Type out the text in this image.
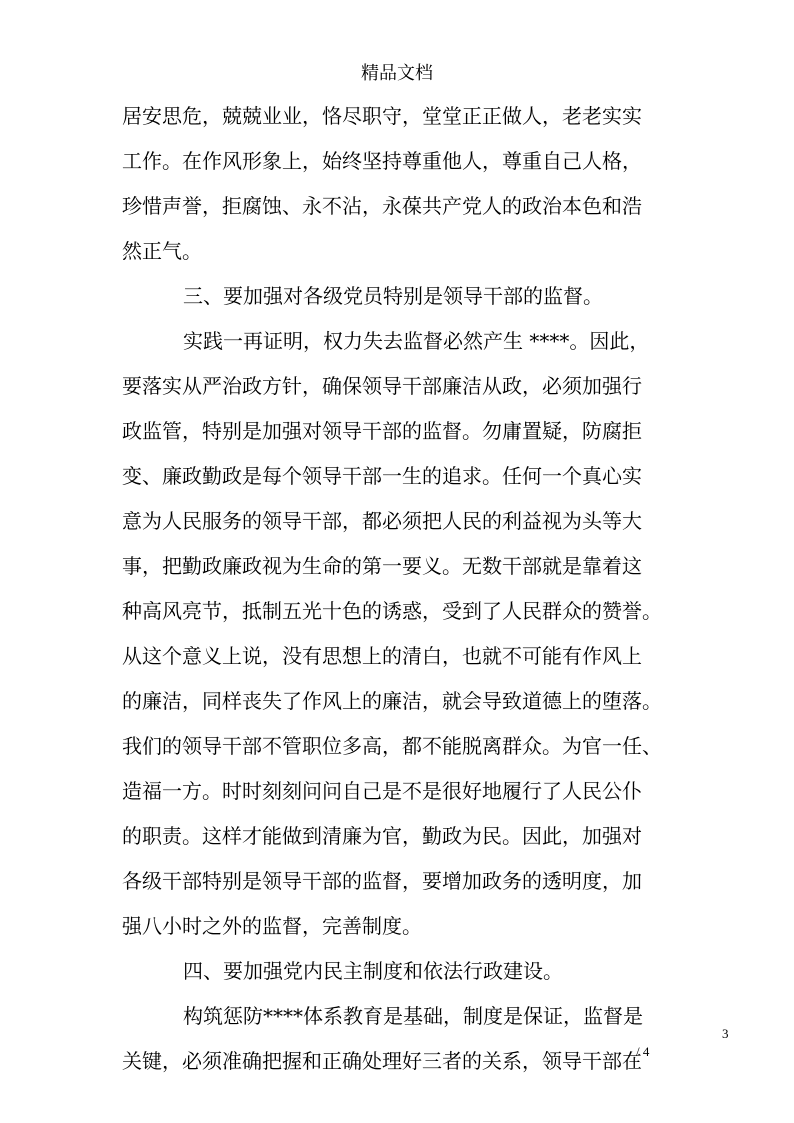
精品文档
居安思危，兢兢业业，恪尽职守，堂堂正正做人，老老实实
工作。在作风形象上，始终坚持尊重他人，尊重自己人格，
珍惜声誉，拒腐蚀、永不沾，永葆共产党人的政治本色和浩
然正气。
三、要加强对各级党员特别是领导干部的监督。
实践一再证明，权力失去监督必然产生 ****。因此，
要落实从严治政方针，确保领导干部廉洁从政，必须加强行
政监管，特别是加强对领导干部的监督。勿庸置疑，防腐拒
变、廉政勤政是每个领导干部一生的追求。任何一个真心实
意为人民服务的领导干部，都必须把人民的利益视为头等大
事，把勤政廉政视为生命的第一要义。无数干部就是靠着这
种高风亮节，抵制五光十色的诱惑，受到了人民群众的赞誉。
从这个意义上说，没有思想上的清白，也就不可能有作风上
的廉洁，同样丧失了作风上的廉洁，就会导致道德上的堕落。
我们的领导干部不管职位多高，都不能脱离群众。为官一任、
造福一方。时时刻刻问问自己是不是很好地履行了人民公仆
的职责。这样才能做到清廉为官，勤政为民。因此，加强对
各级干部特别是领导干部的监督，要增加政务的透明度，加
强八小时之外的监督，完善制度。
四、要加强党内民主制度和依法行政建设。
构筑惩防****体系教育是基础，制度是保证，监督是
关键，必须准确把握和正确处理好三者的关系，领导干部在
3
/ 4
